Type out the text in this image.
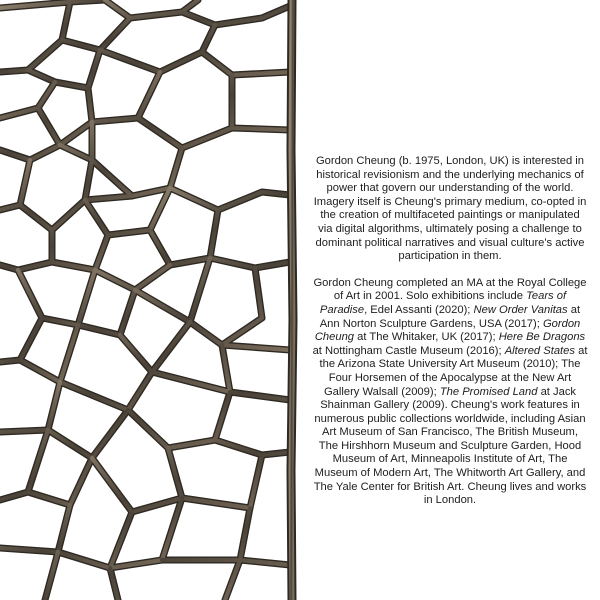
Gordon Cheung (b. 1975, London, UK) is interested in historical revisionism and the underlying mechanics of power that govern our understanding of the world. Imagery itself is Cheung's primary medium, co-opted in the creation of multifaceted paintings or manipulated via digital algorithms, ultimately posing a challenge to dominant political narratives and visual culture's active participation in them.

Gordon Cheung completed an MA at the Royal College of Art in 2001. Solo exhibitions include Tears of Paradise, Edel Assanti (2020); New Order Vanitas at Ann Norton Sculpture Gardens, USA (2017); Gordon Cheung at The Whitaker, UK (2017); Here Be Dragons at Nottingham Castle Museum (2016); Altered States at the Arizona State University Art Museum (2010); The Four Horsemen of the Apocalypse at the New Art Gallery Walsall (2009); The Promised Land at Jack Shainman Gallery (2009). Cheung's work features in numerous public collections worldwide, including Asian Art Museum of San Francisco, The British Museum, The Hirshhorn Museum and Sculpture Garden, Hood Museum of Art, Minneapolis Institute of Art, The Museum of Modern Art, The Whitworth Art Gallery, and The Yale Center for British Art. Cheung lives and works in London.
